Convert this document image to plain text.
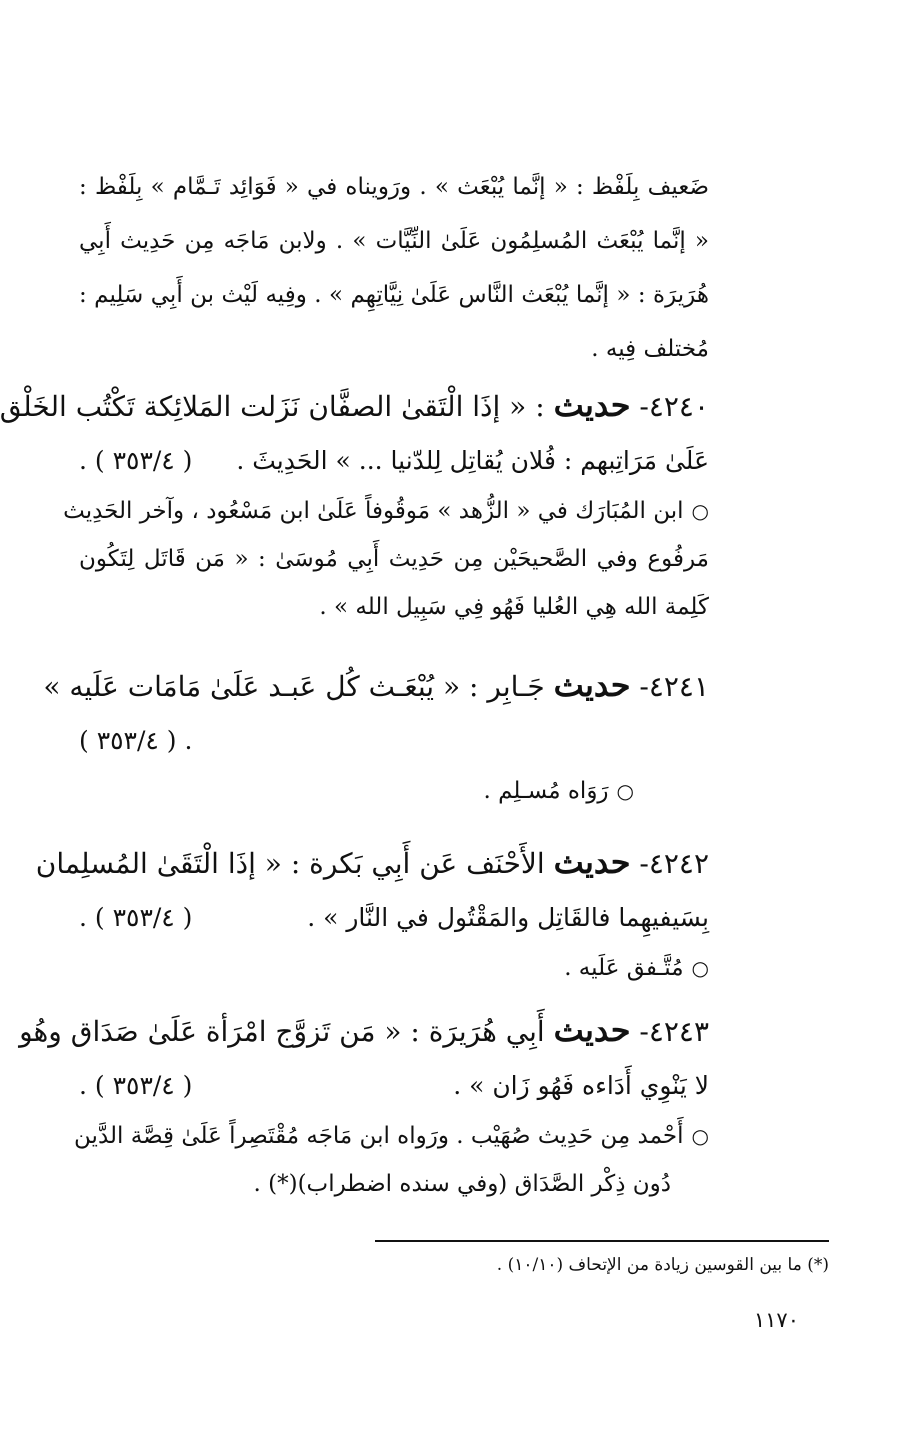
ضَعيف بِلَفْظ : « إنَّما يُبْعَث » . ورَويناه في « فَوَائِد تَـمَّام » بِلَفْظ :
« إنَّما يُبْعَث المُسلِمُون عَلَىٰ النِّيَّات » . ولابن مَاجَه مِن حَدِيث أَبِي
هُرَيرَة : « إنَّما يُبْعَث النَّاس عَلَىٰ نِيَّاتِهِم » . وفِيه لَيْث بن أَبِي سَلِيم :
مُختلف فِيه .
٤٢٤٠- حديث : « إذَا الْتَقىٰ الصفَّان نَزَلت المَلائِكة تَكْتُب الخَلْق
عَلَىٰ مَرَاتِبهم : فُلان يُقاتِل لِلدّنيا ... » الحَدِيثَ .
( ٣٥٣/٤ ) .
○ابن المُبَارَك في « الزُّهد » مَوقُوفاً عَلَىٰ ابن مَسْعُود ، وآخر الحَدِيث
مَرفُوع وفي الصَّحيحَيْن مِن حَدِيث أَبِي مُوسَىٰ : « مَن قَاتَل لِتَكُون
كَلِمة الله هِي العُليا فَهُو فِي سَبِيل الله » .
٤٢٤١- حديث جَـابِر : « يُبْعَـث كُل عَبـد عَلَىٰ مَامَات عَلَيه »
. ( ٣٥٣/٤ )
○رَوَاه مُسـلِم .
٤٢٤٢- حديث الأَحْنَف عَن أَبِي بَكرة : « إذَا الْتَقَىٰ المُسلِمان
بِسَيفيهِما فالقَاتِل والمَقْتُول في النَّار » .
( ٣٥٣/٤ ) .
○مُتَّـفق عَلَيه .
٤٢٤٣- حديث أَبِي هُرَيرَة : « مَن تَزوَّج امْرَأة عَلَىٰ صَدَاق وهُو
لا يَنْوِي أَدَاءه فَهُو زَان » .
( ٣٥٣/٤ ) .
○أَحْمد مِن حَدِيث صُهَيْب . ورَواه ابن مَاجَه مُقْتَصِراً عَلَىٰ قِصَّة الدَّين
دُون ذِكْر الصَّدَاق (وفي سنده اضطراب)(*) .
(*) ما بين القوسين زيادة من الإتحاف (١٠/١٠) .
١١٧٠
